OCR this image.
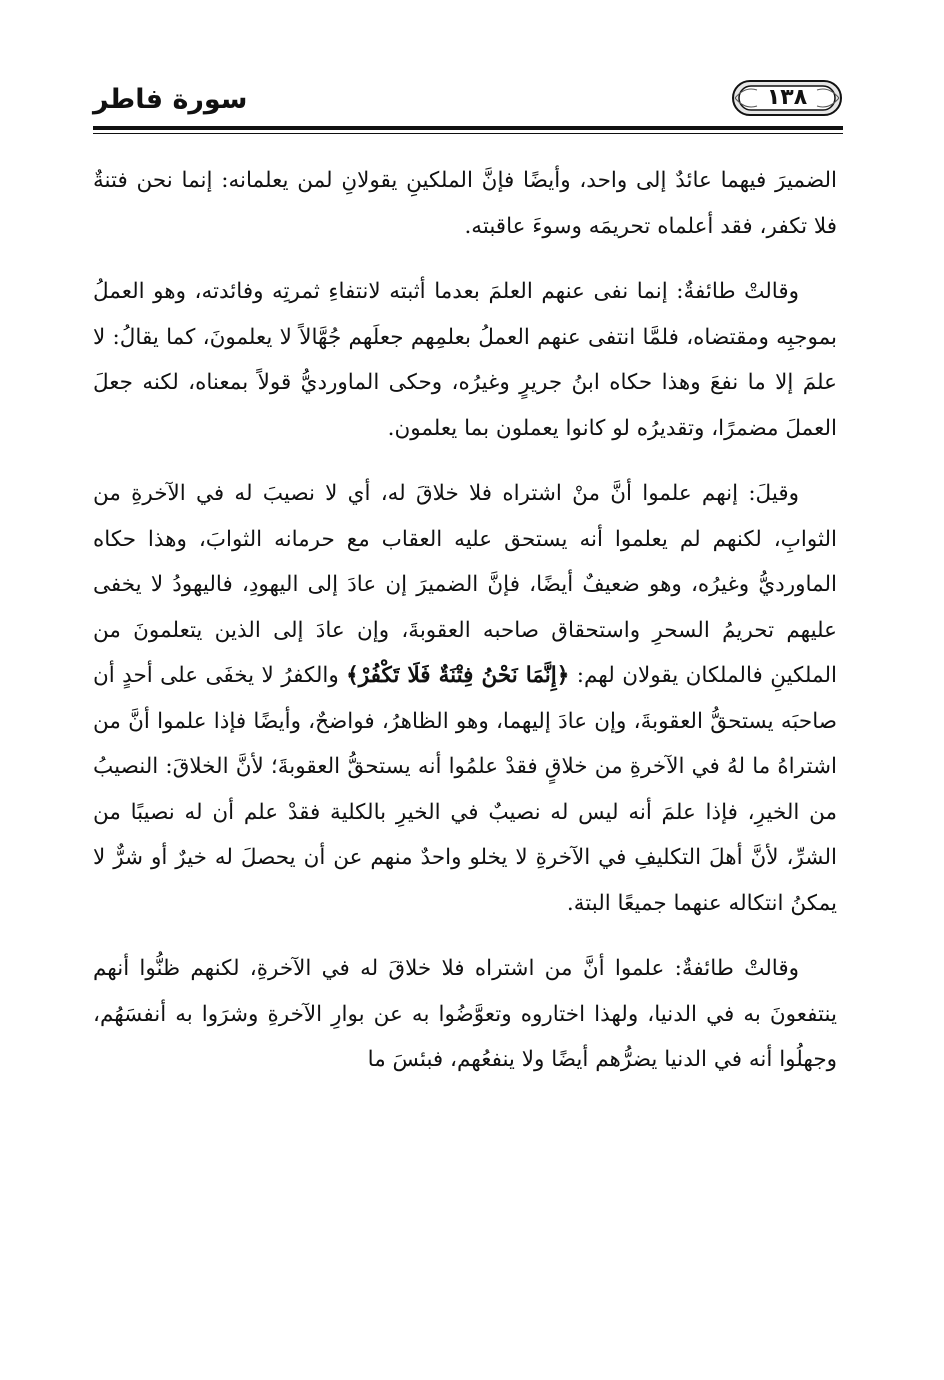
سورة فاطر	١٣٨

الضميرَ فيهما عائدٌ إلى واحد، وأيضًا فإنَّ الملكينِ يقولانِ لمن يعلمانه: إنما نحن فتنةٌ فلا تكفر، فقد أعلماه تحريمَه وسوءَ عاقبته.

وقالتْ طائفةٌ: إنما نفى عنهم العلمَ بعدما أثبته لانتفاءِ ثمرتِه وفائدته، وهو العملُ بموجبِه ومقتضاه، فلمَّا انتفى عنهم العملُ بعلمِهم جعلَهم جُهَّالاً لا يعلمونَ، كما يقالُ: لا علمَ إلا ما نفعَ وهذا حكاه ابنُ جريرٍ وغيرُه، وحكى الماورديُّ قولاً بمعناه، لكنه جعلَ العملَ مضمرًا، وتقديرُه لو كانوا يعملون بما يعلمون.

وقيلَ: إنهم علموا أنَّ منْ اشتراه فلا خلاقَ له، أي لا نصيبَ له في الآخرةِ من الثوابِ، لكنهم لم يعلموا أنه يستحق عليه العقاب مع حرمانه الثوابَ، وهذا حكاه الماورديُّ وغيرُه، وهو ضعيفٌ أيضًا، فإنَّ الضميرَ إن عادَ إلى اليهودِ، فاليهودُ لا يخفى عليهم تحريمُ السحرِ واستحقاق صاحبه العقوبةَ، وإن عادَ إلى الذين يتعلمونَ من الملكينِ فالملكان يقولان لهم: ﴿إِنَّمَا نَحْنُ فِتْنَةٌ فَلَا تَكْفُرْ﴾ والكفرُ لا يخفَى على أحدٍ أن صاحبَه يستحقُّ العقوبةَ، وإن عادَ إليهما، وهو الظاهرُ، فواضحٌ، وأيضًا فإذا علموا أنَّ من اشتراهُ ما لهُ في الآخرةِ من خلاقٍ فقدْ علمُوا أنه يستحقُّ العقوبةَ؛ لأنَّ الخلاقَ: النصيبُ من الخيرِ، فإذا علمَ أنه ليس له نصيبٌ في الخيرِ بالكلية فقدْ علم أن له نصيبًا من الشرِّ، لأنَّ أهلَ التكليفِ في الآخرةِ لا يخلو واحدٌ منهم عن أن يحصلَ له خيرٌ أو شرٌّ لا يمكنُ انتكاله عنهما جميعًا البتة.

وقالتْ طائفةٌ: علموا أنَّ من اشتراه فلا خلاقَ له في الآخرةِ، لكنهم ظنُّوا أنهم ينتفعونَ به في الدنيا، ولهذا اختاروه وتعوَّضُوا به عن بوارِ الآخرةِ وشرَوا به أنفسَهُم، وجهلُوا أنه في الدنيا يضرُّهم أيضًا ولا ينفعُهم، فبئسَ ما
